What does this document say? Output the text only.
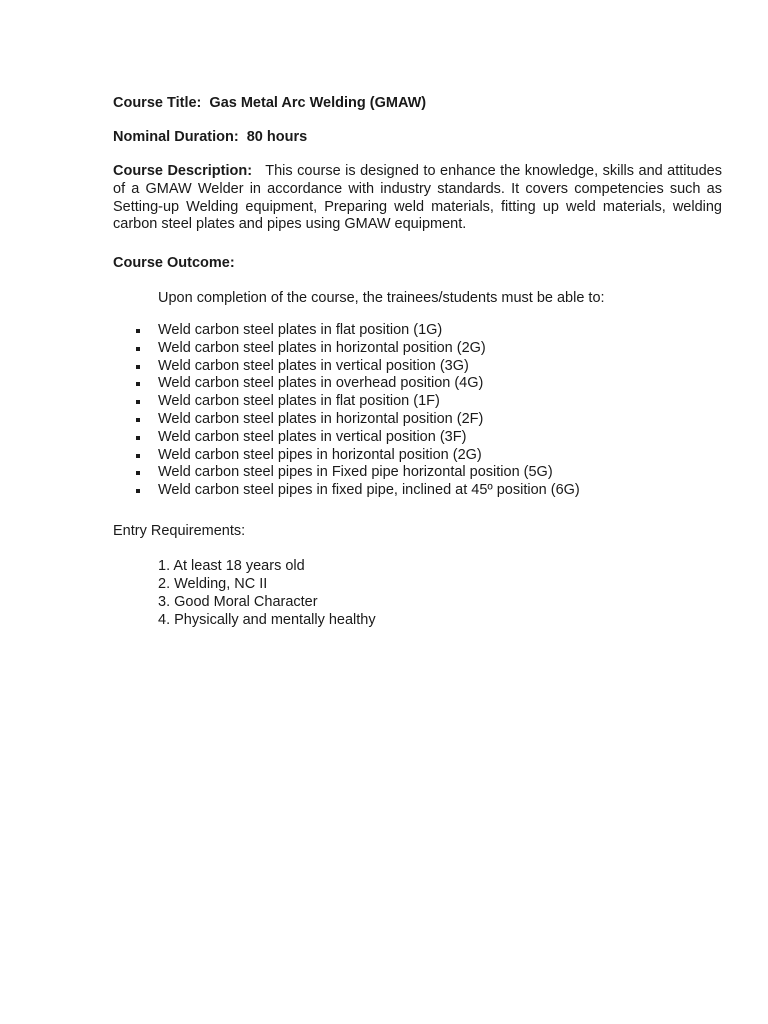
Course Title: Gas Metal Arc Welding (GMAW)
Nominal Duration: 80 hours
Course Description: This course is designed to enhance the knowledge, skills and attitudes of a GMAW Welder in accordance with industry standards. It covers competencies such as Setting-up Welding equipment, Preparing weld materials, fitting up weld materials, welding carbon steel plates and pipes using GMAW equipment.
Course Outcome:
Upon completion of the course, the trainees/students must be able to:
Weld carbon steel plates in flat position (1G)
Weld carbon steel plates in horizontal position (2G)
Weld carbon steel plates in vertical position (3G)
Weld carbon steel plates in overhead position (4G)
Weld carbon steel plates in flat position (1F)
Weld carbon steel plates in horizontal position (2F)
Weld carbon steel plates in vertical position (3F)
Weld carbon steel pipes in horizontal position (2G)
Weld carbon steel pipes in Fixed pipe horizontal position (5G)
Weld carbon steel pipes in fixed pipe, inclined at 45º position (6G)
Entry Requirements:
1. At least 18 years old
2. Welding, NC II
3. Good Moral Character
4. Physically and mentally healthy
